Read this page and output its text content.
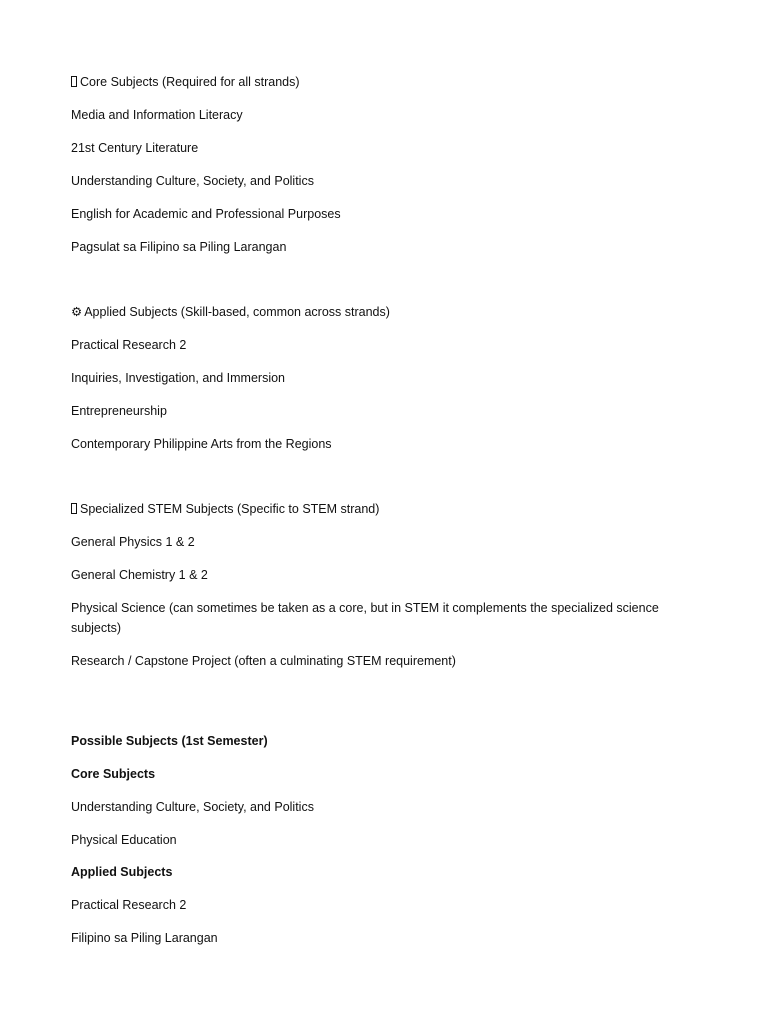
Core Subjects (Required for all strands)
Media and Information Literacy
21st Century Literature
Understanding Culture, Society, and Politics
English for Academic and Professional Purposes
Pagsulat sa Filipino sa Piling Larangan
⚙ Applied Subjects (Skill-based, common across strands)
Practical Research 2
Inquiries, Investigation, and Immersion
Entrepreneurship
Contemporary Philippine Arts from the Regions
Specialized STEM Subjects (Specific to STEM strand)
General Physics 1 & 2
General Chemistry 1 & 2
Physical Science (can sometimes be taken as a core, but in STEM it complements the specialized science subjects)
Research / Capstone Project (often a culminating STEM requirement)
Possible Subjects (1st Semester)
Core Subjects
Understanding Culture, Society, and Politics
Physical Education
Applied Subjects
Practical Research 2
Filipino sa Piling Larangan
